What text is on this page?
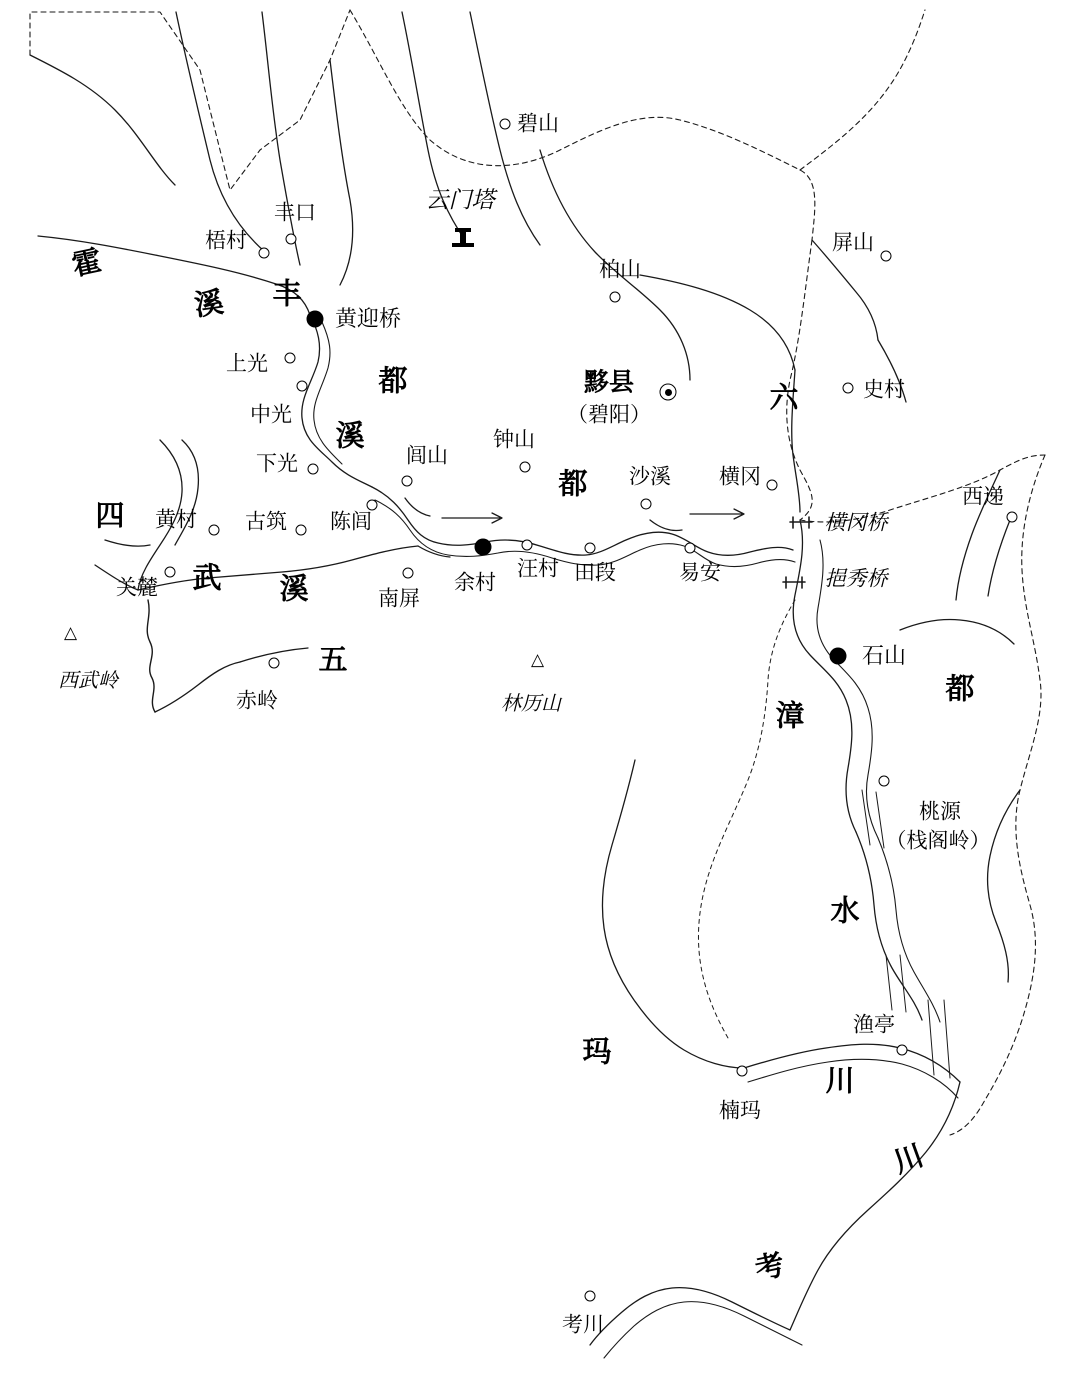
碧山
丰口
梧村	屏山
柏山
黄迎桥
上光
史村
中光
闾山
钟山
下光
沙溪 横冈
西递
黄村 古筑 陈闾
汪村 田段	易安
余村
关麓	南屏
石山
赤岭
桃源
（栈阁岭）
渔亭
楠玛
考川
黟县
（碧阳）
△
西武岭
△
林历山
云门塔
横冈桥
挹秀桥
霍
溪 丰
都
溪
都
六
四
武 溪
五
都
漳
水
玛
川
川
考
